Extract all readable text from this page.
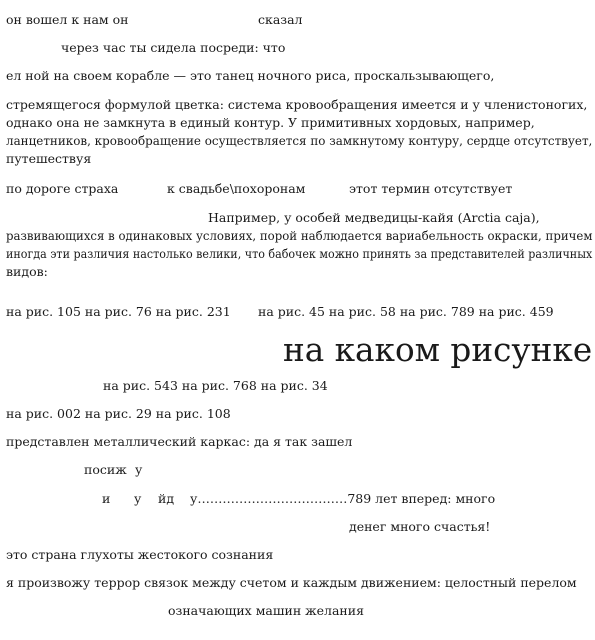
он вошел к нам он	сказал
через час ты сидела посреди: что
ел ной на своем корабле — это танец ночного риса, проскальзывающего,
стремящегося формулой цветка: система кровообращения имеется и у членистоногих,
однако она не замкнута в единый контур. У примитивных хордовых, например,
ланцетников, кровообращение осуществляется по замкнутому контуру, сердце отсутствует,
путешествуя
по дороге страха	к свадьбе\похоронам	этот термин отсутствует
Например, у особей медведицы-кайя (Arctia caja),
развивающихся в одинаковых условиях, порой наблюдается вариабельность окраски, причем
иногда эти различия настолько велики, что бабочек можно принять за представителей различных
видов:
на рис. 105 на рис. 76 на рис. 231 на рис. 45 на рис. 58 на рис. 789 на рис. 459
на каком рисунке
на рис. 543 на рис. 768 на рис. 34
на рис. 002 на рис. 29 на рис. 108
представлен металлический каркас: да я так зашел
посиж у
и у йд у………………………………789 лет вперед: много
денег много счастья!
это страна глухоты жестокого сознания
я произвожу террор связок между счетом и каждым движением: целостный перелом
означающих машин желания
